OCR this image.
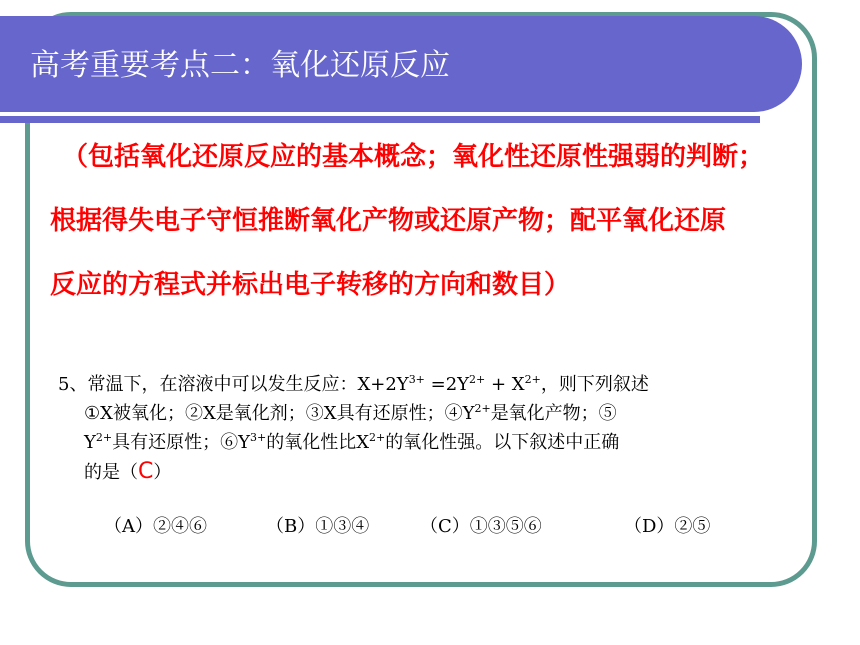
高考重要考点二：氧化还原反应
（包括氧化还原反应的基本概念；氧化性还原性强弱的判断；
根据得失电子守恒推断氧化产物或还原产物；配平氧化还原
反应的方程式并标出电子转移的方向和数目）
5、常温下，在溶液中可以发生反应：$X+2Y^{3+} =2Y^{2+} + X^{2+}$，则下列叙述
①X被氧化；②X是氧化剂；③X具有还原性；$④Y^{2+}$是氧化产物；⑤
$Y^{2+}$具有还原性；$⑥Y^{3+}$的氧化性比$X^{2+}$的氧化性强。以下叙述中正确
的是（C）
（A）②④⑥	（B）①③④	（C）①③⑤⑥	（D）②⑤
